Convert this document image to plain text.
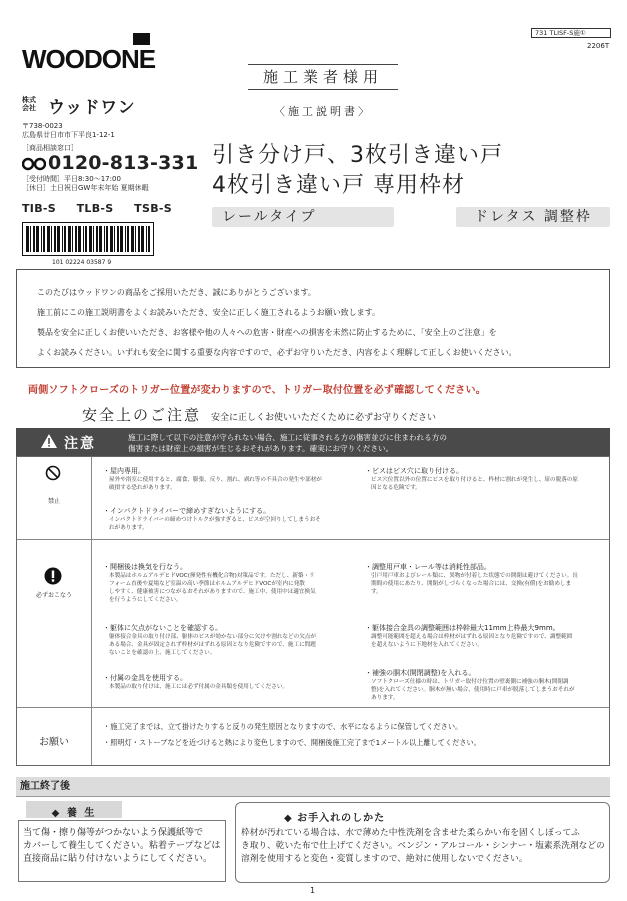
WOODONE
株式
会社 ウッドワン
〒738-0023
広島県廿日市市下平良1-12-1
［商品相談窓口］
0120-813-331
［受付時間］平日8:30〜17:00
［休日］土日祝日GW年末年始 夏期休暇
TIB-S TLB-S TSB-S
101 02224 03587 9
731 TLISF-S施①
2206T
施工業者様用
〈施工説明書〉
引き分け戸、3枚引き違い戸
4枚引き違い戸 専用枠材
レールタイプ	ドレタス 調整枠
このたびはウッドワンの商品をご採用いただき、誠にありがとうございます。
施工前にこの施工説明書をよくお読みいただき、安全に正しく施工されるようお願い致します。
製品を安全に正しくお使いいただき、お客様や他の人々への危害・財産への損害を未然に防止するために、「安全上のご注意」を
よくお読みください。いずれも安全に関する重要な内容ですので、必ずお守りいただき、内容をよく理解して正しくお使いください。
両側ソフトクローズのトリガー位置が変わりますので、トリガー取付位置を必ず確認してください。
安全上のご注意 安全に正しくお使いいただくために必ずお守りください
注意	施工に際して以下の注意が守られない場合、施工に従事される方の傷害並びに住まわれる方の
傷害または財産上の損害が生じるおそれがあります。確実にお守りください。
禁止
・屋内専用。
屋外や浴室に使用すると、腐食、膨張、反り、割れ、剥れ等の不具合の発生や部材が
破損する恐れがあります。
・インパクトドライバーで締めすぎないようにする。
インパクトドライバーの締めつけトルクが強すぎると、ビスが空回りしてしまうおそ
れがあります。
・ビスはビス穴に取り付ける。
ビス穴位置以外の位置にビスを取り付けると、枠材に割れが発生し、扉の脱落の原
因となる危険です。
必ずおこなう
・開梱後は換気を行なう。
本製品はホルムアルデヒドVOC(揮発性有機化合物)対策品です。ただし、新築・リ
フォーム直後や夏場など室温の高い季節はホルムアルデヒドVOCが室内に発散
しやすく、健康被害につながるおそれがありますので、施工中、使用中は適宜換気
を行うようにしてください。
・躯体に欠点がないことを確認する。
躯体接合金具の取り付け部、躯体のビスが効かない部分に欠けや割れなどの欠点が
ある場合、金具が固定されず枠材がはずれる原因となり危険ですので、施工に問題
ないことを確認の上、施工してください。
・付属の金具を使用する。
本製品の取り付けは、施工には必ず付属の金具類を使用してください。
・調整用戸車・レール等は消耗性部品。
引戸用戸車およびレール類に、異物が付着した状態での開閉は避けてください。長
期間の使用にあたり、開閉がしづらくなった場合には、交換(有償)をお勧めしま
す。
・躯体接合金具の調整範囲は枠幹最大11mm上枠最大9mm。
調整可能範囲を超える場合は枠材がはずれる原因となり危険ですので、調整範囲
を超えないように下地材を入れてください。
・補強の胴木(開閉調整)を入れる。
ソフトクローズ仕様の時は、トリガー取付け位置の壁裏側に補強の胴木(開閉調
整)を入れてください。胴木が無い場合、使用時に戸車が脱落してしまうおそれが
あります。
お願い
・施工完了までは、立て掛けたりすると反りの発生原因となりますので、水平になるように保管してください。
・照明灯・ストーブなどを近づけると熱により変色しますので、開梱後施工完了まで1メートル以上離してください。
施工終了後
◆ 養 生
当て傷・擦り傷等がつかないよう保護紙等で
カバーして養生してください。粘着テープなどは
直接商品に貼り付けないようにしてください。
◆ お手入れのしかた
枠材が汚れている場合は、水で薄めた中性洗剤を含ませた柔らかい布を固くしぼってふ
き取り、乾いた布で仕上げてください。ベンジン・アルコール・シンナー・塩素系洗剤などの
溶剤を使用すると変色・変質しますので、絶対に使用しないでください。
1
